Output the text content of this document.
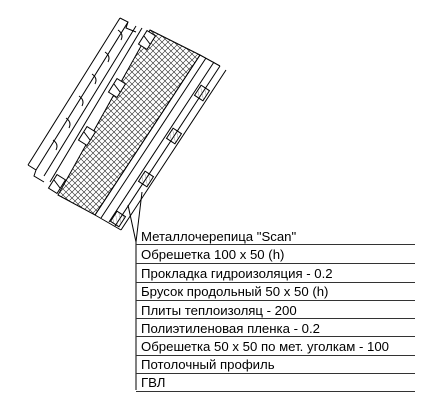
Металлочерепица "Scan"
Обрешетка 100 х 50 (h)
Прокладка гидроизоляция - 0.2
Брусок продольный 50 х 50 (h)
Плиты теплоизоляц - 200
Полиэтиленовая пленка - 0.2
Обрешетка 50 х 50 по мет. уголкам - 100
Потолочный профиль
ГВЛ
